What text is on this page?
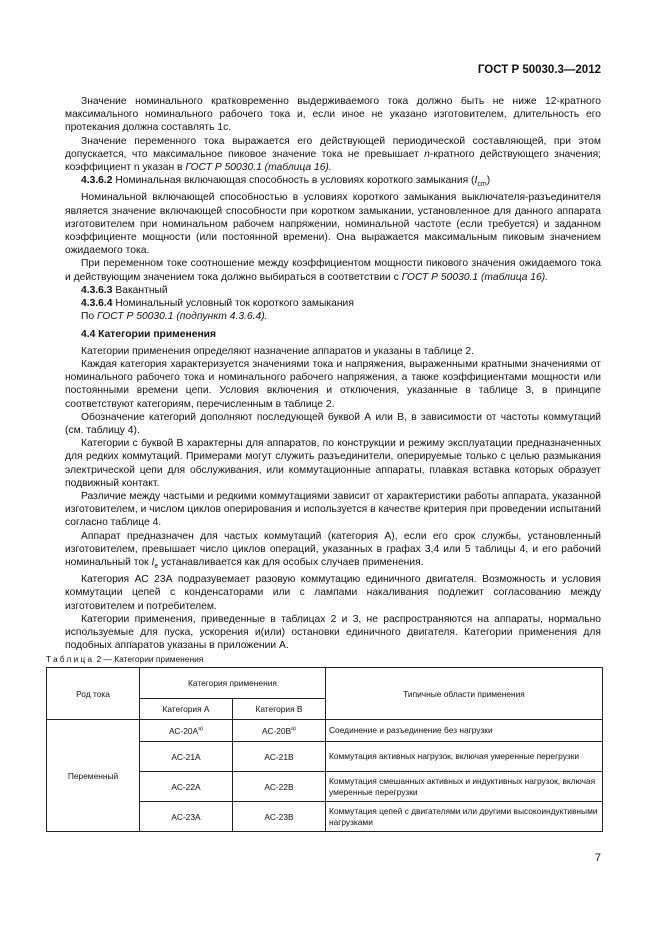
ГОСТ Р 50030.3—2012

Значение номинального кратковременно выдерживаемого тока должно быть не ниже 12-кратного максимального номинального рабочего тока и, если иное не указано изготовителем, длительность его протекания должна составлять 1с.

Значение переменного тока выражается его действующей периодической составляющей, при этом допускается, что максимальное пиковое значение тока не превышает n-кратного действующего значения; коэффициент n указан в ГОСТ Р 50030.1 (таблица 16).

4.3.6.2 Номинальная включающая способность в условиях короткого замыкания $(I_{cm})$

Номинальной включающей способностью в условиях короткого замыкания выключателя-разъединителя является значение включающей способности при коротком замыкании, установленное для данного аппарата изготовителем при номинальном рабочем напряжении, номинальной частоте (если требуется) и заданном коэффициенте мощности (или постоянной времени). Она выражается максимальным пиковым значением ожидаемого тока.

При переменном токе соотношение между коэффициентом мощности пикового значения ожидаемого тока и действующим значением тока должно выбираться в соответствии с ГОСТ Р 50030.1 (таблица 16).

4.3.6.3 Вакантный

4.3.6.4 Номинальный условный ток короткого замыкания

По ГОСТ Р 50030.1 (подпункт 4.3.6.4).

4.4 Категории применения

Категории применения определяют назначение аппаратов и указаны в таблице 2.

Каждая категория характеризуется значениями тока и напряжения, выраженными кратными значениями от номинального рабочего тока и номинального рабочего напряжения, а также коэффициентами мощности или постоянными времени цепи. Условия включения и отключения, указанные в таблице 3, в принципе соответствуют категориям, перечисленным в таблице 2.

Обозначение категорий дополняют последующей буквой А или В, в зависимости от частоты коммутаций (см. таблицу 4).

Категории с буквой В характерны для аппаратов, по конструкции и режиму эксплуатации предназначенных для редких коммутаций. Примерами могут служить разъединители, оперируемые только с целью размыкания электрической цепи для обслуживания, или коммутационные аппараты, плавкая вставка которых образует подвижный контакт.

Различие между частыми и редкими коммутациями зависит от характеристики работы аппарата, указанной изготовителем, и числом циклов оперирования и используется в качестве критерия при проведении испытаний согласно таблице 4.

Аппарат предназначен для частых коммутаций (категория А), если его срок службы, установленный изготовителем, превышает число циклов операций, указанных в графах 3,4 или 5 таблицы 4, и его рабочий номинальный ток $I_e$ устанавливается как для особых случаев применения.

Категория АС 23А подразувемает разовую коммутацию единичного двигателя. Возможность и условия коммутации цепей с конденсаторами или с лампами накаливания подлежит согласованию между изготовителем и потребителем.

Категории применения, приведенные в таблицах 2 и 3, не распространяются на аппараты, нормально используемые для пуска, ускорения и(или) остановки единичного двигателя. Категории применения для подобных аппаратов указаны в приложении А.

Таблица 2 — Категории применения
Род тока	Категория применения		Типичные области применения
	Категория А	Категория В	
Переменный	$АС-20А^{а)}$	$АС-20В^{а)}$	Соединение и разъединение без нагрузки
	АС-21А	АС-21В	Коммутация активных нагрузок, включая умеренные перегрузки
	АС-22А	АС-22В	Коммутация смешанных активных и индуктивных нагрузок, включая умеренные перегрузки
	АС-23А	АС-23В	Коммутация цепей с двигателями или другими высокоиндуктивными нагрузками
7
